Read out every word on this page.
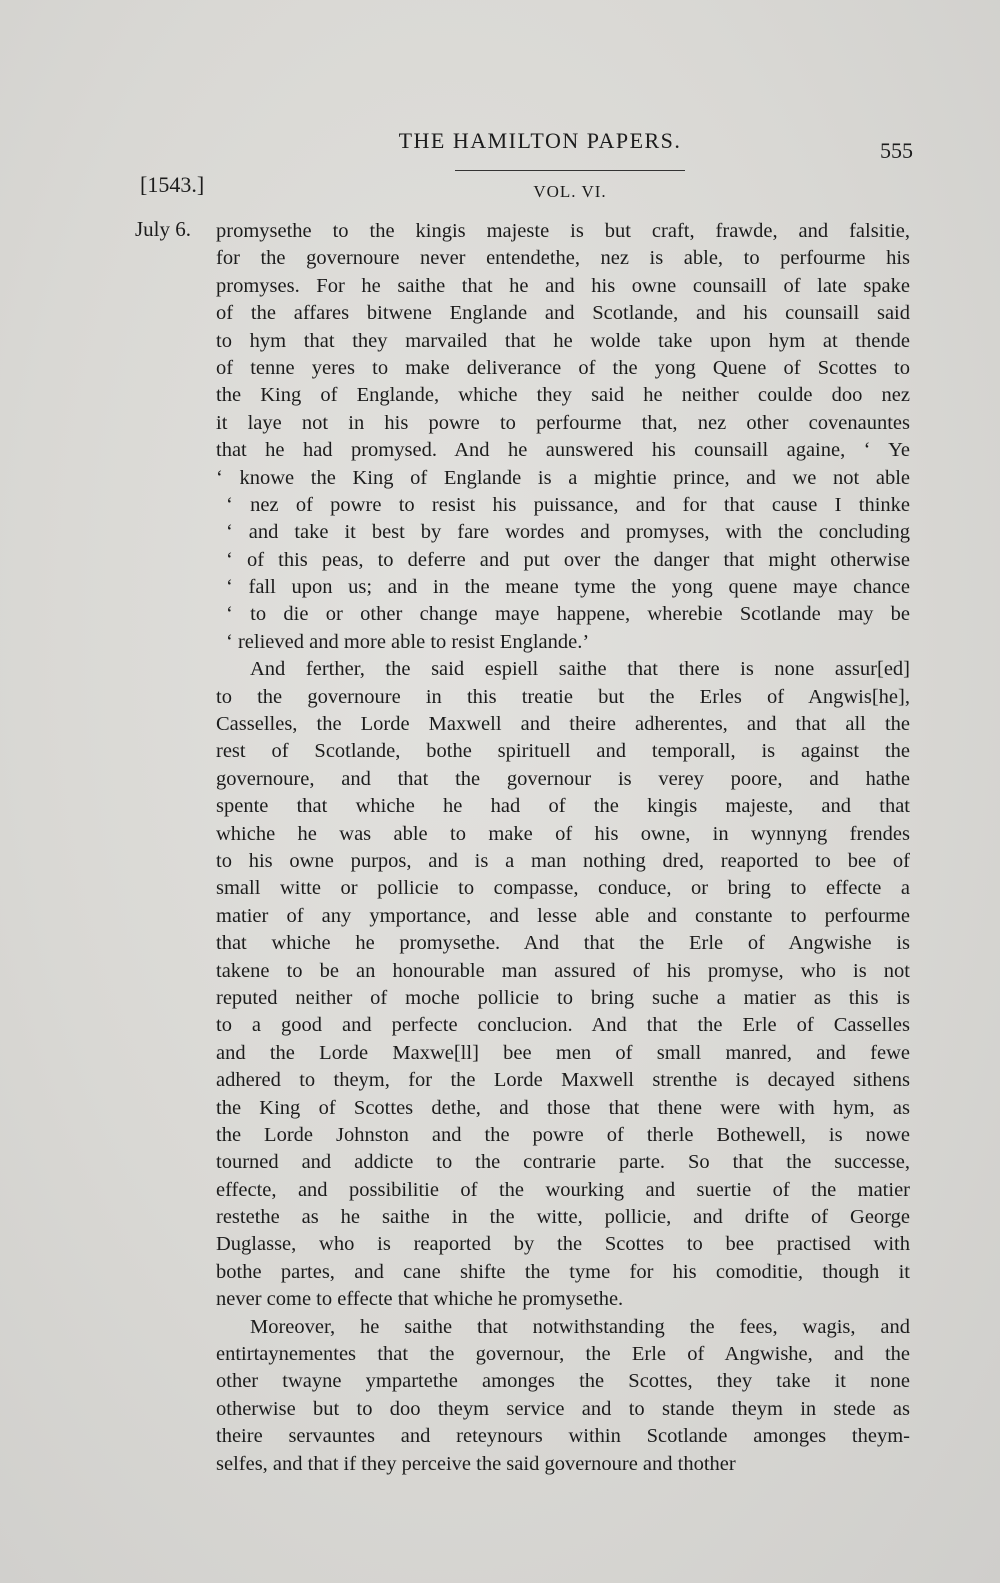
THE HAMILTON PAPERS.	555
[1543.]	VOL. VI.
July 6. promysethe to the kingis majeste is but craft, frawde, and falsitie,
for the governoure never entendethe, nez is able, to perfourme his
promyses. For he saithe that he and his owne counsaill of late spake
of the affares bitwene Englande and Scotlande, and his counsaill said
to hym that they marvailed that he wolde take upon hym at thende
of tenne yeres to make deliverance of the yong Quene of Scottes to
the King of Englande, whiche they said he neither coulde doo nez
it laye not in his powre to perfourme that, nez other covenauntes
that he had promysed. And he aunswered his counsaill againe, ‘ Ye
‘ knowe the King of Englande is a mightie prince, and we not able
‘ nez of powre to resist his puissance, and for that cause I thinke
‘ and take it best by fare wordes and promyses, with the concluding
‘ of this peas, to deferre and put over the danger that might otherwise
‘ fall upon us; and in the meane tyme the yong quene maye chance
‘ to die or other change maye happene, wherebie Scotlande may be
‘ relieved and more able to resist Englande.’
And ferther, the said espiell saithe that there is none assur[ed]
to the governoure in this treatie but the Erles of Angwis[he],
Casselles, the Lorde Maxwell and theire adherentes, and that all the
rest of Scotlande, bothe spirituell and temporall, is against the
governoure, and that the governour is verey poore, and hathe
spente that whiche he had of the kingis majeste, and that
whiche he was able to make of his owne, in wynnyng frendes
to his owne purpos, and is a man nothing dred, reaported to bee of
small witte or pollicie to compasse, conduce, or bring to effecte a
matier of any ymportance, and lesse able and constante to perfourme
that whiche he promysethe. And that the Erle of Angwishe is
takene to be an honourable man assured of his promyse, who is not
reputed neither of moche pollicie to bring suche a matier as this is
to a good and perfecte conclucion. And that the Erle of Casselles
and the Lorde Maxwe[ll] bee men of small manred, and fewe
adhered to theym, for the Lorde Maxwell strenthe is decayed sithens
the King of Scottes dethe, and those that thene were with hym, as
the Lorde Johnston and the powre of therle Bothewell, is nowe
tourned and addicte to the contrarie parte. So that the successe,
effecte, and possibilitie of the wourking and suertie of the matier
restethe as he saithe in the witte, pollicie, and drifte of George
Duglasse, who is reaported by the Scottes to bee practised with
bothe partes, and cane shifte the tyme for his comoditie, though it
never come to effecte that whiche he promysethe.
Moreover, he saithe that notwithstanding the fees, wagis, and
entirtaynementes that the governour, the Erle of Angwishe, and the
other twayne ympartethe amonges the Scottes, they take it none
otherwise but to doo theym service and to stande theym in stede as
theire servauntes and reteynours within Scotlande amonges theym-
selfes, and that if they perceive the said governoure and thother
